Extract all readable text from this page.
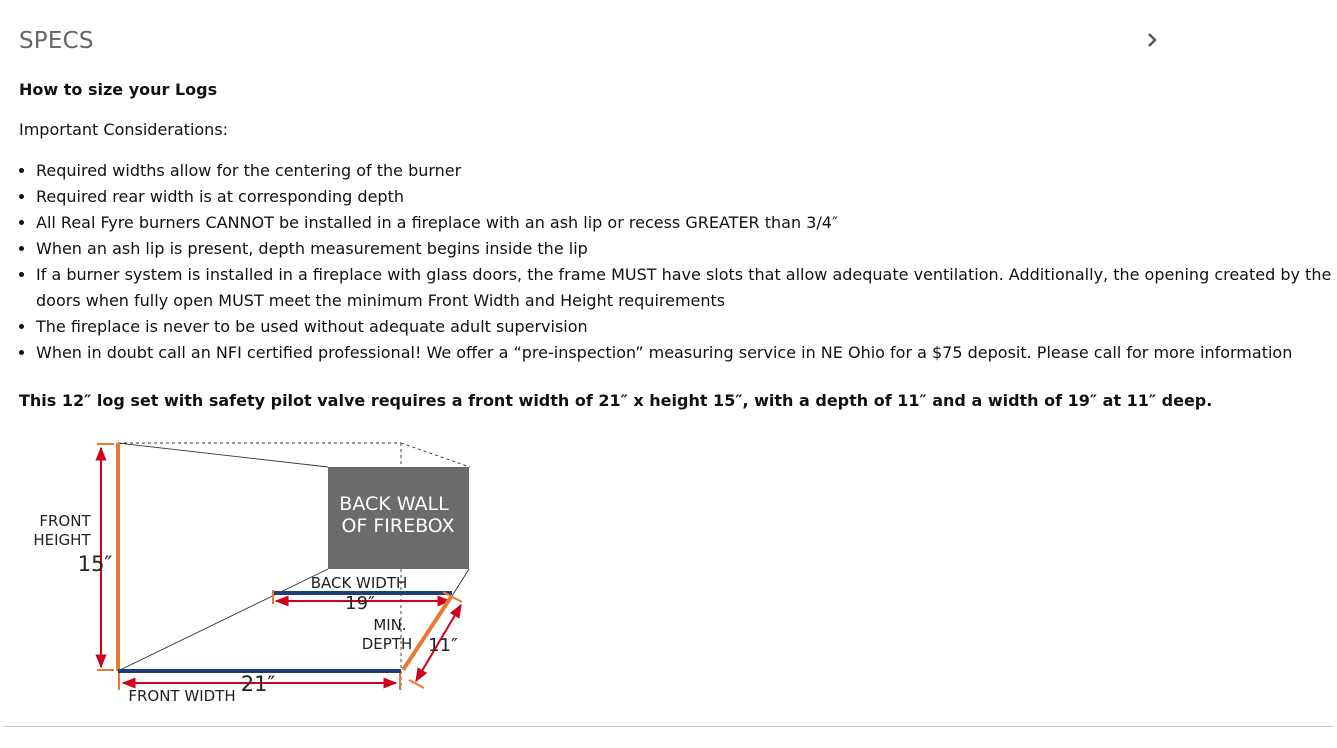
SPECS
How to size your Logs
Important Considerations:
• Required widths allow for the centering of the burner
• Required rear width is at corresponding depth
• All Real Fyre burners CANNOT be installed in a fireplace with an ash lip or recess GREATER than 3/4″
• When an ash lip is present, depth measurement begins inside the lip
• If a burner system is installed in a fireplace with glass doors, the frame MUST have slots that allow adequate ventilation. Additionally, the opening created by the doors when fully open MUST meet the minimum Front Width and Height requirements
• The fireplace is never to be used without adequate adult supervision
• When in doubt call an NFI certified professional! We offer a “pre-inspection” measuring service in NE Ohio for a $75 deposit. Please call for more information
This 12″ log set with safety pilot valve requires a front width of 21″ x height 15″, with a depth of 11″ and a width of 19″ at 11″ deep.
BACK WALL
OF FIREBOX
FRONT
HEIGHT
15″
BACK WIDTH
19″
MIN.
DEPTH 11″
FRONT WIDTH 21″
